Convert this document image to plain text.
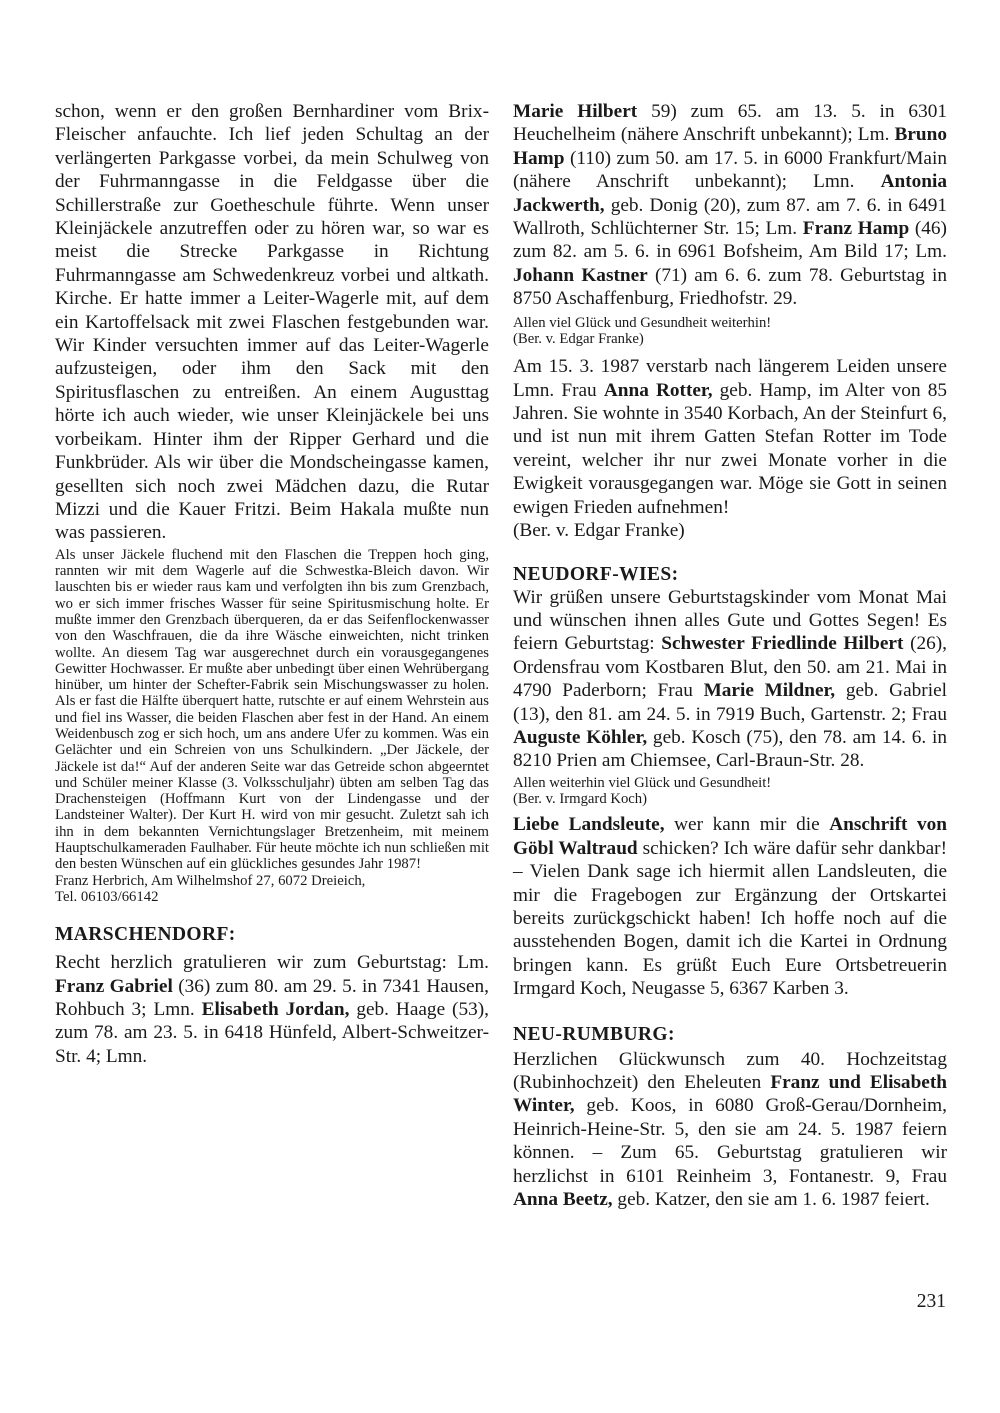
schon, wenn er den großen Bernhardiner vom Brix-Fleischer anfauchte. Ich lief jeden Schultag an der verlängerten Parkgasse vorbei, da mein Schulweg von der Fuhrmanngasse in die Feldgasse über die Schillerstraße zur Goetheschule führte. Wenn unser Kleinjäckele anzutreffen oder zu hören war, so war es meist die Strecke Parkgasse in Richtung Fuhrmanngasse am Schwedenkreuz vorbei und altkath. Kirche. Er hatte immer a Leiter-Wagerle mit, auf dem ein Kartoffelsack mit zwei Flaschen festgebunden war. Wir Kinder versuchten immer auf das Leiter-Wagerle aufzusteigen, oder ihm den Sack mit den Spiritusflaschen zu entreißen. An einem Augusttag hörte ich auch wieder, wie unser Kleinjäckele bei uns vorbeikam. Hinter ihm der Ripper Gerhard und die Funkbrüder. Als wir über die Mondscheingasse kamen, gesellten sich noch zwei Mädchen dazu, die Rutar Mizzi und die Kauer Fritzi. Beim Hakala mußte nun was passieren.

Als unser Jäckele fluchend mit den Flaschen die Treppen hoch ging, rannten wir mit dem Wagerle auf die Schwestka-Bleich davon. Wir lauschten bis er wieder raus kam und verfolgten ihn bis zum Grenzbach, wo er sich immer frisches Wasser für seine Spiritusmischung holte. Er mußte immer den Grenzbach überqueren, da er das Seifenflockenwasser von den Waschfrauen, die da ihre Wäsche einweichten, nicht trinken wollte. An diesem Tag war ausgerechnet durch ein vorausgegangenes Gewitter Hochwasser. Er mußte aber unbedingt über einen Wehrübergang hinüber, um hinter der Schefter-Fabrik sein Mischungswasser zu holen. Als er fast die Hälfte überquert hatte, rutschte er auf einem Wehrstein aus und fiel ins Wasser, die beiden Flaschen aber fest in der Hand. An einem Weidenbusch zog er sich hoch, um ans andere Ufer zu kommen. Was ein Gelächter und ein Schreien von uns Schulkindern. „Der Jäckele, der Jäckele ist da!“ Auf der anderen Seite war das Getreide schon abgeerntet und Schüler meiner Klasse (3. Volksschuljahr) übten am selben Tag das Drachensteigen (Hoffmann Kurt von der Lindengasse und der Landsteiner Walter). Der Kurt H. wird von mir gesucht. Zuletzt sah ich ihn in dem bekannten Vernichtungslager Bretzenheim, mit meinem Hauptschulkameraden Faulhaber. Für heute möchte ich nun schließen mit den besten Wünschen auf ein glückliches gesundes Jahr 1987!

Franz Herbrich, Am Wilhelmshof 27, 6072 Dreieich,
Tel. 06103/66142

MARSCHENDORF:

Recht herzlich gratulieren wir zum Geburtstag: Lm. Franz Gabriel (36) zum 80. am 29. 5. in 7341 Hausen, Rohbuch 3; Lmn. Elisabeth Jordan, geb. Haage (53), zum 78. am 23. 5. in 6418 Hünfeld, Albert-Schweitzer-Str. 4; Lmn.

Marie Hilbert 59) zum 65. am 13. 5. in 6301 Heuchelheim (nähere Anschrift unbekannt); Lm. Bruno Hamp (110) zum 50. am 17. 5. in 6000 Frankfurt/Main (nähere Anschrift unbekannt); Lmn. Antonia Jackwerth, geb. Donig (20), zum 87. am 7. 6. in 6491 Wallroth, Schlüchterner Str. 15; Lm. Franz Hamp (46) zum 82. am 5. 6. in 6961 Bofsheim, Am Bild 17; Lm. Johann Kastner (71) am 6. 6. zum 78. Geburtstag in 8750 Aschaffenburg, Friedhofstr. 29.

Allen viel Glück und Gesundheit weiterhin!
(Ber. v. Edgar Franke)

Am 15. 3. 1987 verstarb nach längerem Leiden unsere Lmn. Frau Anna Rotter, geb. Hamp, im Alter von 85 Jahren. Sie wohnte in 3540 Korbach, An der Steinfurt 6, und ist nun mit ihrem Gatten Stefan Rotter im Tode vereint, welcher ihr nur zwei Monate vorher in die Ewigkeit vorausgegangen war. Möge sie Gott in seinen ewigen Frieden aufnehmen!
(Ber. v. Edgar Franke)

NEUDORF-WIES:

Wir grüßen unsere Geburtstagskinder vom Monat Mai und wünschen ihnen alles Gute und Gottes Segen! Es feiern Geburtstag: Schwester Friedlinde Hilbert (26), Ordensfrau vom Kostbaren Blut, den 50. am 21. Mai in 4790 Paderborn; Frau Marie Mildner, geb. Gabriel (13), den 81. am 24. 5. in 7919 Buch, Gartenstr. 2; Frau Auguste Köhler, geb. Kosch (75), den 78. am 14. 6. in 8210 Prien am Chiemsee, Carl-Braun-Str. 28.

Allen weiterhin viel Glück und Gesundheit!
(Ber. v. Irmgard Koch)

Liebe Landsleute, wer kann mir die Anschrift von Göbl Waltraud schicken? Ich wäre dafür sehr dankbar! – Vielen Dank sage ich hiermit allen Landsleuten, die mir die Fragebogen zur Ergänzung der Ortskartei bereits zurückgschickt haben! Ich hoffe noch auf die ausstehenden Bogen, damit ich die Kartei in Ordnung bringen kann. Es grüßt Euch Eure Ortsbetreuerin Irmgard Koch, Neugasse 5, 6367 Karben 3.

NEU-RUMBURG:

Herzlichen Glückwunsch zum 40. Hochzeitstag (Rubinhochzeit) den Eheleuten Franz und Elisabeth Winter, geb. Koos, in 6080 Groß-Gerau/Dornheim, Heinrich-Heine-Str. 5, den sie am 24. 5. 1987 feiern können. – Zum 65. Geburtstag gratulieren wir herzlichst in 6101 Reinheim 3, Fontanestr. 9, Frau Anna Beetz, geb. Katzer, den sie am 1. 6. 1987 feiert.

231
